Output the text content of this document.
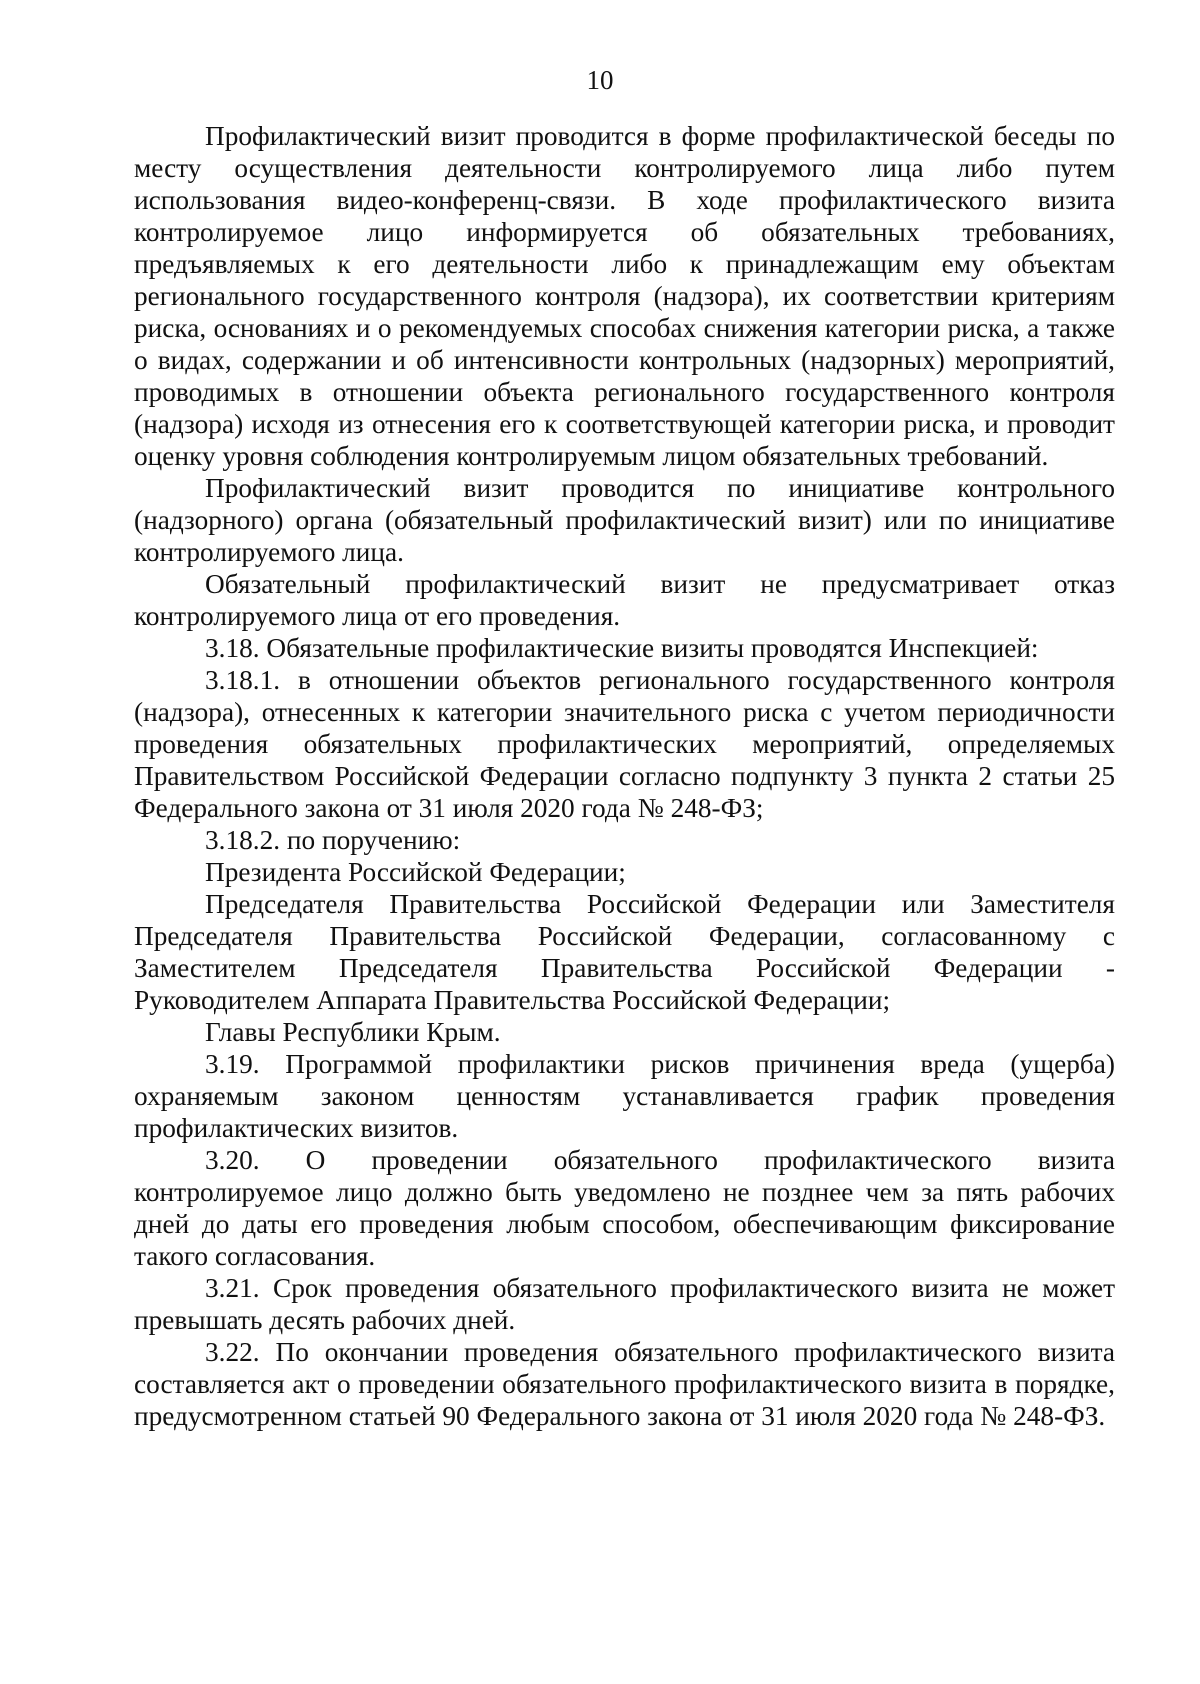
10

Профилактический визит проводится в форме профилактической беседы по месту осуществления деятельности контролируемого лица либо путем использования видео-конференц-связи. В ходе профилактического визита контролируемое лицо информируется об обязательных требованиях, предъявляемых к его деятельности либо к принадлежащим ему объектам регионального государственного контроля (надзора), их соответствии критериям риска, основаниях и о рекомендуемых способах снижения категории риска, а также о видах, содержании и об интенсивности контрольных (надзорных) мероприятий, проводимых в отношении объекта регионального государственного контроля (надзора) исходя из отнесения его к соответствующей категории риска, и проводит оценку уровня соблюдения контролируемым лицом обязательных требований.

Профилактический визит проводится по инициативе контрольного (надзорного) органа (обязательный профилактический визит) или по инициативе контролируемого лица.

Обязательный профилактический визит не предусматривает отказ контролируемого лица от его проведения.

3.18. Обязательные профилактические визиты проводятся Инспекцией:

3.18.1. в отношении объектов регионального государственного контроля (надзора), отнесенных к категории значительного риска с учетом периодичности проведения обязательных профилактических мероприятий, определяемых Правительством Российской Федерации согласно подпункту 3 пункта 2 статьи 25 Федерального закона от 31 июля 2020 года № 248-ФЗ;

3.18.2. по поручению:

Президента Российской Федерации;

Председателя Правительства Российской Федерации или Заместителя Председателя Правительства Российской Федерации, согласованному с Заместителем Председателя Правительства Российской Федерации -

Руководителем Аппарата Правительства Российской Федерации;

Главы Республики Крым.

3.19. Программой профилактики рисков причинения вреда (ущерба) охраняемым законом ценностям устанавливается график проведения профилактических визитов.

3.20. О проведении обязательного профилактического визита контролируемое лицо должно быть уведомлено не позднее чем за пять рабочих дней до даты его проведения любым способом, обеспечивающим фиксирование такого согласования.

3.21. Срок проведения обязательного профилактического визита не может превышать десять рабочих дней.

3.22. По окончании проведения обязательного профилактического визита составляется акт о проведении обязательного профилактического визита в порядке, предусмотренном статьей 90 Федерального закона от 31 июля 2020 года № 248-ФЗ.
